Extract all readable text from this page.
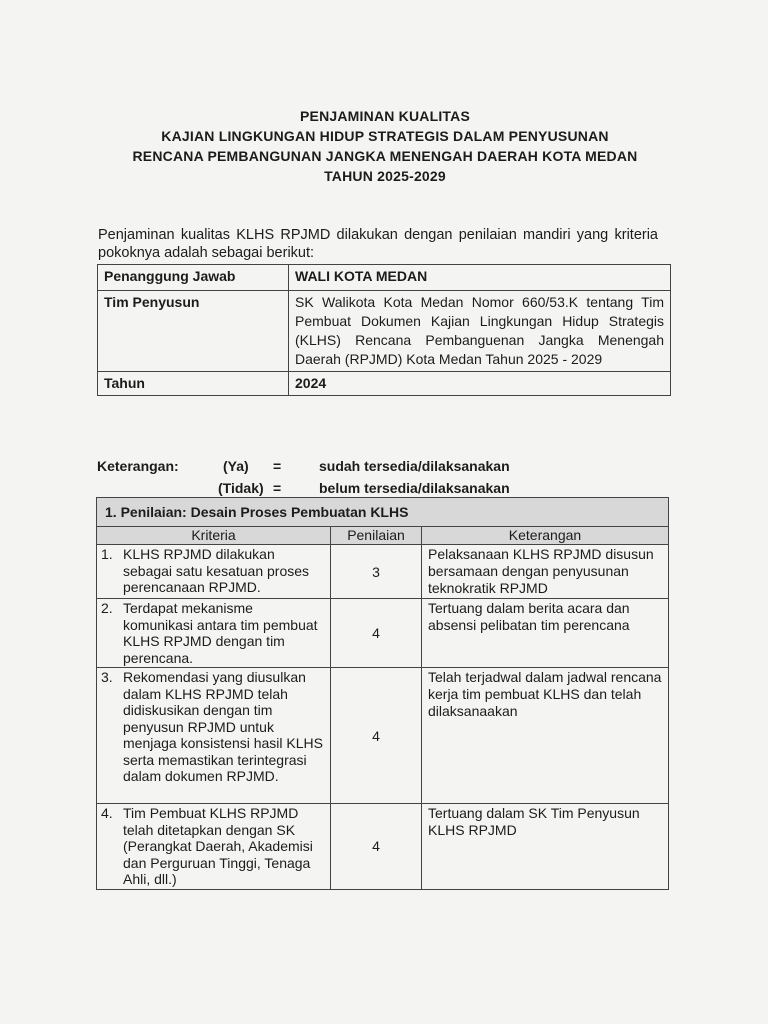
PENJAMINAN KUALITAS
KAJIAN LINGKUNGAN HIDUP STRATEGIS DALAM PENYUSUNAN
RENCANA PEMBANGUNAN JANGKA MENENGAH DAERAH KOTA MEDAN
TAHUN 2025-2029
Penjaminan kualitas KLHS RPJMD dilakukan dengan penilaian mandiri yang kriteria pokoknya adalah sebagai berikut:
Penanggung Jawab	WALI KOTA MEDAN
Tim Penyusun	SK Walikota Kota Medan Nomor 660/53.K tentang Tim Pembuat Dokumen Kajian Lingkungan Hidup Strategis (KLHS) Rencana Pembanguenan Jangka Menengah Daerah (RPJMD) Kota Medan Tahun 2025 - 2029
Tahun	2024
Keterangan:	(Ya) =	sudah tersedia/dilaksanakan
(Tidak) =	belum tersedia/dilaksanakan
1. Penilaian: Desain Proses Pembuatan KLHS		
Kriteria	Penilaian	Keterangan

1. KLHS RPJMD dilakukan sebagai satu kesatuan proses perencanaan RPJMD.	3	Pelaksanaan KLHS RPJMD disusun bersamaan dengan penyusunan teknokratik RPJMD

2. Terdapat mekanisme komunikasi antara tim pembuat KLHS RPJMD dengan tim perencana.	4	Tertuang dalam berita acara dan absensi pelibatan tim perencana

3. Rekomendasi yang diusulkan dalam KLHS RPJMD telah didiskusikan dengan tim penyusun RPJMD untuk menjaga konsistensi hasil KLHS serta memastikan terintegrasi dalam dokumen RPJMD.	4	Telah terjadwal dalam jadwal rencana kerja tim pembuat KLHS dan telah dilaksanaakan

4. Tim Pembuat KLHS RPJMD telah ditetapkan dengan SK (Perangkat Daerah, Akademisi dan Perguruan Tinggi, Tenaga Ahli, dll.)	4	Tertuang dalam SK Tim Penyusun KLHS RPJMD
